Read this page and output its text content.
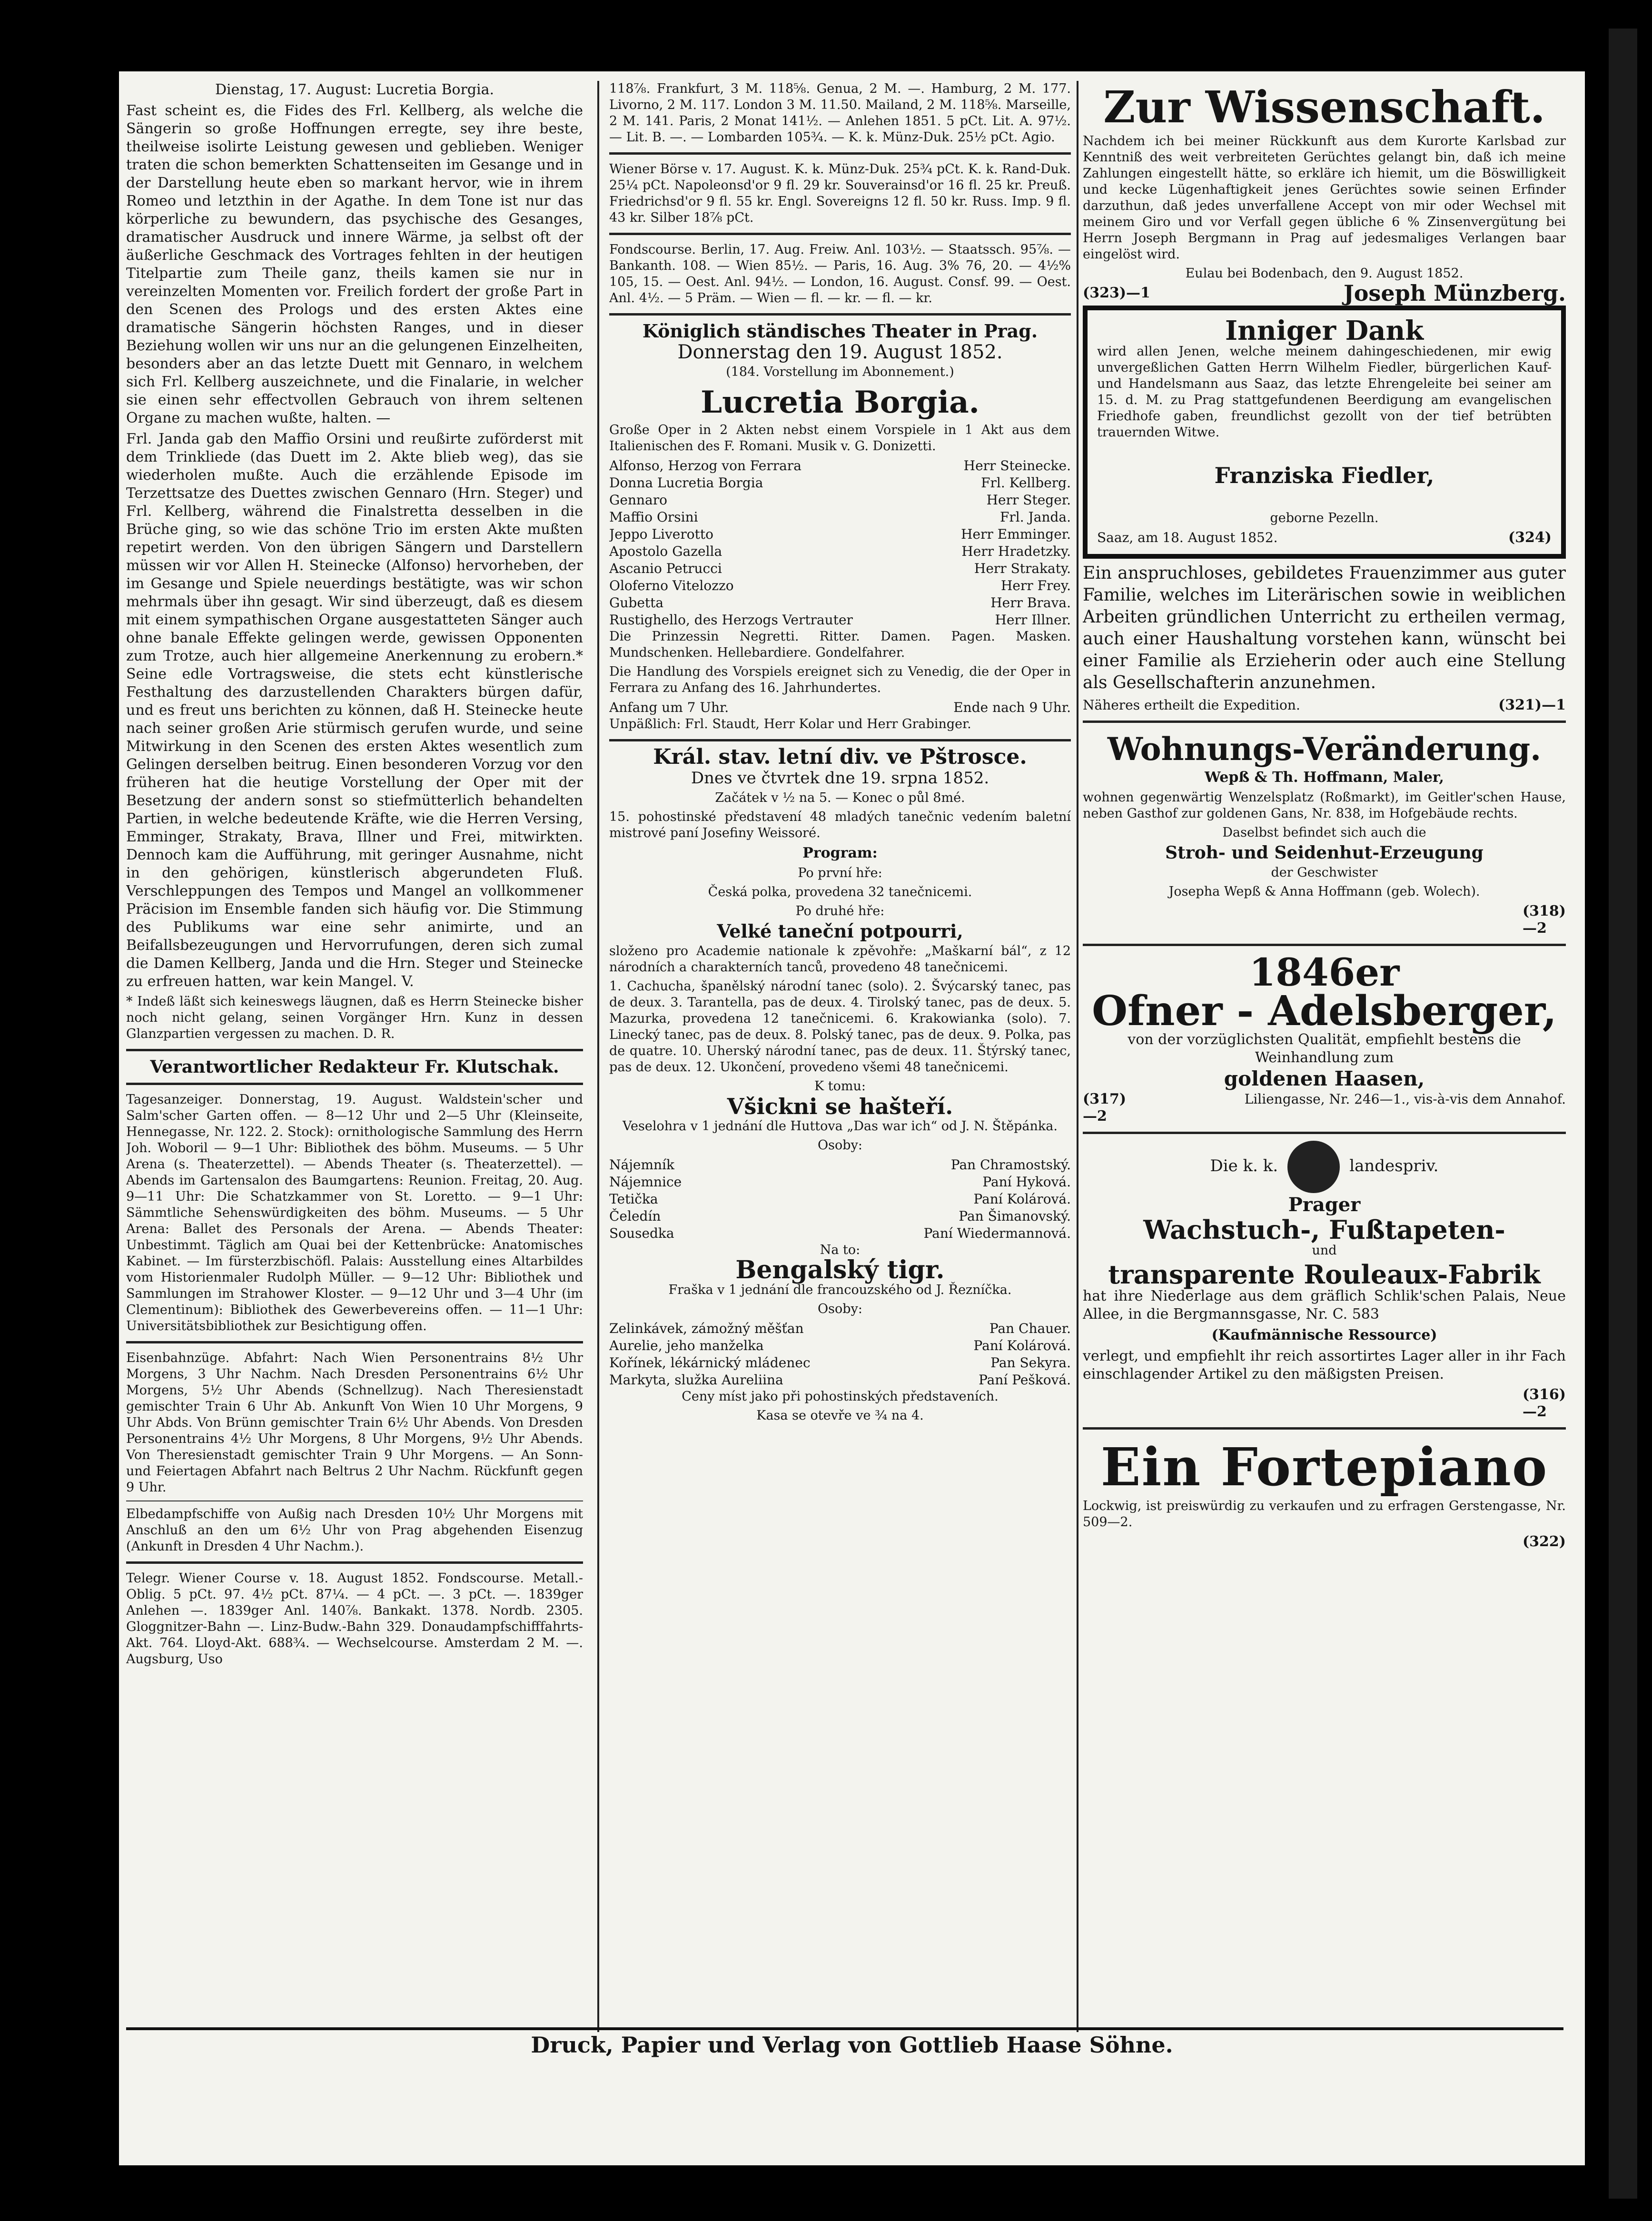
Dienstag, 17. August: Lucretia Borgia.

Fast scheint es, die Fides des Frl. Kellberg, als welche die Sängerin so große Hoffnungen erregte, sey ihre beste, theilweise isolirte Leistung gewesen und geblieben. Weniger traten die schon bemerkten Schattenseiten im Gesange und in der Darstellung heute eben so markant hervor, wie in ihrem Romeo und letzthin in der Agathe. In dem Tone ist nur das körperliche zu bewundern, das psychische des Gesanges, dramatischer Ausdruck und innere Wärme, ja selbst oft der äußerliche Geschmack des Vortrages fehlten in der heutigen Titelpartie zum Theile ganz, theils kamen sie nur in vereinzelten Momenten vor. Freilich fordert der große Part in den Scenen des Prologs und des ersten Aktes eine dramatische Sängerin höchsten Ranges, und in dieser Beziehung wollen wir uns nur an die gelungenen Einzelheiten, besonders aber an das letzte Duett mit Gennaro, in welchem sich Frl. Kellberg auszeichnete, und die Finalarie, in welcher sie einen sehr effectvollen Gebrauch von ihrem seltenen Organe zu machen wußte, halten. —

Frl. Janda gab den Maffio Orsini und reußirte zuförderst mit dem Trinkliede (das Duett im 2. Akte blieb weg), das sie wiederholen mußte. Auch die erzählende Episode im Terzettsatze des Duettes zwischen Gennaro (Hrn. Steger) und Frl. Kellberg, während die Finalstretta desselben in die Brüche ging, so wie das schöne Trio im ersten Akte mußten repetirt werden. Von den übrigen Sängern und Darstellern müssen wir vor Allen H. Steinecke (Alfonso) hervorheben, der im Gesange und Spiele neuerdings bestätigte, was wir schon mehrmals über ihn gesagt. Wir sind überzeugt, daß es diesem mit einem sympathischen Organe ausgestatteten Sänger auch ohne banale Effekte gelingen werde, gewissen Opponenten zum Trotze, auch hier allgemeine Anerkennung zu erobern.* Seine edle Vortragsweise, die stets echt künstlerische Festhaltung des darzustellenden Charakters bürgen dafür, und es freut uns berichten zu können, daß H. Steinecke heute nach seiner großen Arie stürmisch gerufen wurde, und seine Mitwirkung in den Scenen des ersten Aktes wesentlich zum Gelingen derselben beitrug. Einen besonderen Vorzug vor den früheren hat die heutige Vorstellung der Oper mit der Besetzung der andern sonst so stiefmütterlich behandelten Partien, in welche bedeutende Kräfte, wie die Herren Versing, Emminger, Strakaty, Brava, Illner und Frei, mitwirkten. Dennoch kam die Aufführung, mit geringer Ausnahme, nicht in den gehörigen, künstlerisch abgerundeten Fluß. Verschleppungen des Tempos und Mangel an vollkommener Präcision im Ensemble fanden sich häufig vor. Die Stimmung des Publikums war eine sehr animirte, und an Beifallsbezeugungen und Hervorrufungen, deren sich zumal die Damen Kellberg, Janda und die Hrn. Steger und Steinecke zu erfreuen hatten, war kein Mangel. V.

* Indeß läßt sich keineswegs läugnen, daß es Herrn Steinecke bisher noch nicht gelang, seinen Vorgänger Hrn. Kunz in dessen Glanzpartien vergessen zu machen. D. R.

Verantwortlicher Redakteur Fr. Klutschak.

Tagesanzeiger. Donnerstag, 19. August. Waldstein'scher und Salm'scher Garten offen. — 8—12 Uhr und 2—5 Uhr (Kleinseite, Hennegasse, Nr. 122. 2. Stock): ornithologische Sammlung des Herrn Joh. Woboril — 9—1 Uhr: Bibliothek des böhm. Museums. — 5 Uhr Arena (s. Theaterzettel). — Abends Theater (s. Theaterzettel). — Abends im Gartensalon des Baumgartens: Reunion. Freitag, 20. Aug. 9—11 Uhr: Die Schatzkammer von St. Loretto. — 9—1 Uhr: Sämmtliche Sehenswürdigkeiten des böhm. Museums. — 5 Uhr Arena: Ballet des Personals der Arena. — Abends Theater: Unbestimmt. Täglich am Quai bei der Kettenbrücke: Anatomisches Kabinet. — Im fürsterzbischöfl. Palais: Ausstellung eines Altarbildes vom Historienmaler Rudolph Müller. — 9—12 Uhr: Bibliothek und Sammlungen im Strahower Kloster. — 9—12 Uhr und 3—4 Uhr (im Clementinum): Bibliothek des Gewerbevereins offen. — 11—1 Uhr: Universitätsbibliothek zur Besichtigung offen.

Eisenbahnzüge. Abfahrt: Nach Wien Personentrains 8½ Uhr Morgens, 3 Uhr Nachm. Nach Dresden Personentrains 6½ Uhr Morgens, 5½ Uhr Abends (Schnellzug). Nach Theresienstadt gemischter Train 6 Uhr Ab. Ankunft Von Wien 10 Uhr Morgens, 9 Uhr Abds. Von Brünn gemischter Train 6½ Uhr Abends. Von Dresden Personentrains 4½ Uhr Morgens, 8 Uhr Morgens, 9½ Uhr Abends. Von Theresienstadt gemischter Train 9 Uhr Morgens. — An Sonn- und Feiertagen Abfahrt nach Beltrus 2 Uhr Nachm. Rückfunft gegen 9 Uhr.

Elbedampfschiffe von Außig nach Dresden 10½ Uhr Morgens mit Anschluß an den um 6½ Uhr von Prag abgehenden Eisenzug (Ankunft in Dresden 4 Uhr Nachm.).

Telegr. Wiener Course v. 18. August 1852. Fondscourse. Metall.-Oblig. 5 pCt. 97. 4½ pCt. 87¼. — 4 pCt. —. 3 pCt. —. 1839ger Anlehen —. 1839ger Anl. 140⅞. Bankakt. 1378. Nordb. 2305. Gloggnitzer-Bahn —. Linz-Budw.-Bahn 329. Donaudampfschifffahrts-Akt. 764. Lloyd-Akt. 688¾. — Wechselcourse. Amsterdam 2 M. —. Augsburg, Uso

118⅞. Frankfurt, 3 M. 118⅝. Genua, 2 M. —. Hamburg, 2 M. 177. Livorno, 2 M. 117. London 3 M. 11.50. Mailand, 2 M. 118⅝. Marseille, 2 M. 141. Paris, 2 Monat 141½. — Anlehen 1851. 5 pCt. Lit. A. 97½. — Lit. B. —. — Lombarden 105¾. — K. k. Münz-Duk. 25½ pCt. Agio.

Wiener Börse v. 17. August. K. k. Münz-Duk. 25¾ pCt. K. k. Rand-Duk. 25¼ pCt. Napoleonsd'or 9 fl. 29 kr. Souverainsd'or 16 fl. 25 kr. Preuß. Friedrichsd'or 9 fl. 55 kr. Engl. Sovereigns 12 fl. 50 kr. Russ. Imp. 9 fl. 43 kr. Silber 18⅞ pCt.

Fondscourse. Berlin, 17. Aug. Freiw. Anl. 103½. — Staatssch. 95⅞. — Bankanth. 108. — Wien 85½. — Paris, 16. Aug. 3% 76, 20. — 4½% 105, 15. — Oest. Anl. 94½. — London, 16. August. Consf. 99. — Oest. Anl. 4½. — 5 Präm. — Wien — fl. — kr. — fl. — kr.

Königlich ständisches Theater in Prag.

Donnerstag den 19. August 1852.

(184. Vorstellung im Abonnement.)

Lucretia Borgia.

Große Oper in 2 Akten nebst einem Vorspiele in 1 Akt aus dem Italienischen des F. Romani. Musik v. G. Donizetti.

Alfonso, Herzog von Ferrara	Herr Steinecke.
Donna Lucretia Borgia	Frl. Kellberg.
Gennaro	Herr Steger.
Maffio Orsini	Frl. Janda.
Jeppo Liverotto	Herr Emminger.
Apostolo Gazella	Herr Hradetzky.
Ascanio Petrucci	Herr Strakaty.
Oloferno Vitelozzo	Herr Frey.
Gubetta	Herr Brava.
Rustighello, des Herzogs Vertrauter	Herr Illner.

Die Prinzessin Negretti. Ritter. Damen. Pagen. Masken. Mundschenken. Hellebardiere. Gondelfahrer.

Die Handlung des Vorspiels ereignet sich zu Venedig, die der Oper in Ferrara zu Anfang des 16. Jahrhundertes.

Anfang um 7 Uhr.	Ende nach 9 Uhr.

Unpäßlich: Frl. Staudt, Herr Kolar und Herr Grabinger.

Král. stav. letní div. ve Pštrosce.

Dnes ve čtvrtek dne 19. srpna 1852.

Začátek v ½ na 5. — Konec o půl 8mé.

15. pohostinské představení 48 mladých tanečnic vedením baletní mistrové paní Josefiny Weissoré.

Program:

Po první hře:

Česká polka, provedena 32 tanečnicemi.

Po druhé hře:

Velké taneční potpourri,

složeno pro Academie nationale k zpěvohře: „Maškarní bál“, z 12 národních a charakterních tanců, provedeno 48 tanečnicemi.

1. Cachucha, španělský národní tanec (solo). 2. Švýcarský tanec, pas de deux. 3. Tarantella, pas de deux. 4. Tirolský tanec, pas de deux. 5. Mazurka, provedena 12 tanečnicemi. 6. Krakowianka (solo). 7. Linecký tanec, pas de deux. 8. Polský tanec, pas de deux. 9. Polka, pas de quatre. 10. Uherský národní tanec, pas de deux. 11. Štýrský tanec, pas de deux. 12. Ukončení, provedeno všemi 48 tanečnicemi.

K tomu:

Všickni se hašteří.

Veselohra v 1 jednání dle Huttova „Das war ich“ od J. N. Štěpánka.

Osoby:

Nájemník	Pan Chramostský.
Nájemnice	Paní Hyková.
Tetička	Paní Kolárová.
Čeledín	Pan Šimanovský.
Sousedka	Paní Wiedermannová.

Na to:

Bengalský tigr.

Fraška v 1 jednání dle francouzského od J. Řezníčka.

Osoby:

Zelinkávek, zámožný měšťan	Pan Chauer.
Aurelie, jeho manželka	Paní Kolárová.
Kořínek, lékárnický mládenec	Pan Sekyra.
Markyta, služka Aureliina	Paní Pešková.

Ceny míst jako při pohostinských představeních.

Kasa se otevře ve ¾ na 4.

Zur Wissenschaft.

Nachdem ich bei meiner Rückkunft aus dem Kurorte Karlsbad zur Kenntniß des weit verbreiteten Gerüchtes gelangt bin, daß ich meine Zahlungen eingestellt hätte, so erkläre ich hiemit, um die Böswilligkeit und kecke Lügenhaftigkeit jenes Gerüchtes sowie seinen Erfinder darzuthun, daß jedes unverfallene Accept von mir oder Wechsel mit meinem Giro und vor Verfall gegen übliche 6 % Zinsenvergütung bei Herrn Joseph Bergmann in Prag auf jedesmaliges Verlangen baar eingelöst wird.

Eulau bei Bodenbach, den 9. August 1852.

(323)—1	Joseph Münzberg.
Inniger Dank

wird allen Jenen, welche meinem dahingeschiedenen, mir ewig unvergeßlichen Gatten Herrn Wilhelm Fiedler, bürgerlichen Kauf- und Handelsmann aus Saaz, das letzte Ehrengeleite bei seiner am 15. d. M. zu Prag stattgefundenen Beerdigung am evangelischen Friedhofe gaben, freundlichst gezollt von der tief betrübten trauernden Witwe.

Franziska Fiedler,

geborne Pezelln.

Saaz, am 18. August 1852.	(324)

Ein anspruchloses, gebildetes Frauenzimmer aus guter Familie, welches im Literärischen sowie in weiblichen Arbeiten gründlichen Unterricht zu ertheilen vermag, auch einer Haushaltung vorstehen kann, wünscht bei einer Familie als Erzieherin oder auch eine Stellung als Gesellschafterin anzunehmen.

Näheres ertheilt die Expedition.	(321)—1
Wohnungs-Veränderung.

Wepß & Th. Hoffmann, Maler,

wohnen gegenwärtig Wenzelsplatz (Roßmarkt), im Geitler'schen Hause, neben Gasthof zur goldenen Gans, Nr. 838, im Hofgebäude rechts.

Daselbst befindet sich auch die

Stroh- und Seidenhut-Erzeugung

der Geschwister

Josepha Wepß & Anna Hoffmann (geb. Wolech).

(318)—2
1846er
Ofner - Adelsberger,

von der vorzüglichsten Qualität, empfiehlt bestens die Weinhandlung zum

goldenen Haasen,

(317)—2
Liliengasse, Nr. 246—1., vis-à-vis dem Annahof.

Die k. k.	landespriv.

Prager

Wachstuch-, Fußtapeten-

und

transparente Rouleaux-Fabrik

hat ihre Niederlage aus dem gräflich Schlik'schen Palais, Neue Allee, in die Bergmannsgasse, Nr. C. 583

(Kaufmännische Ressource)

verlegt, und empfiehlt ihr reich assortirtes Lager aller in ihr Fach einschlagender Artikel zu den mäßigsten Preisen.

(316)—2
Ein Fortepiano

Lockwig, ist preiswürdig zu verkaufen und zu erfragen Gerstengasse, Nr. 509—2.

(322)
Druck, Papier und Verlag von Gottlieb Haase Söhne.
